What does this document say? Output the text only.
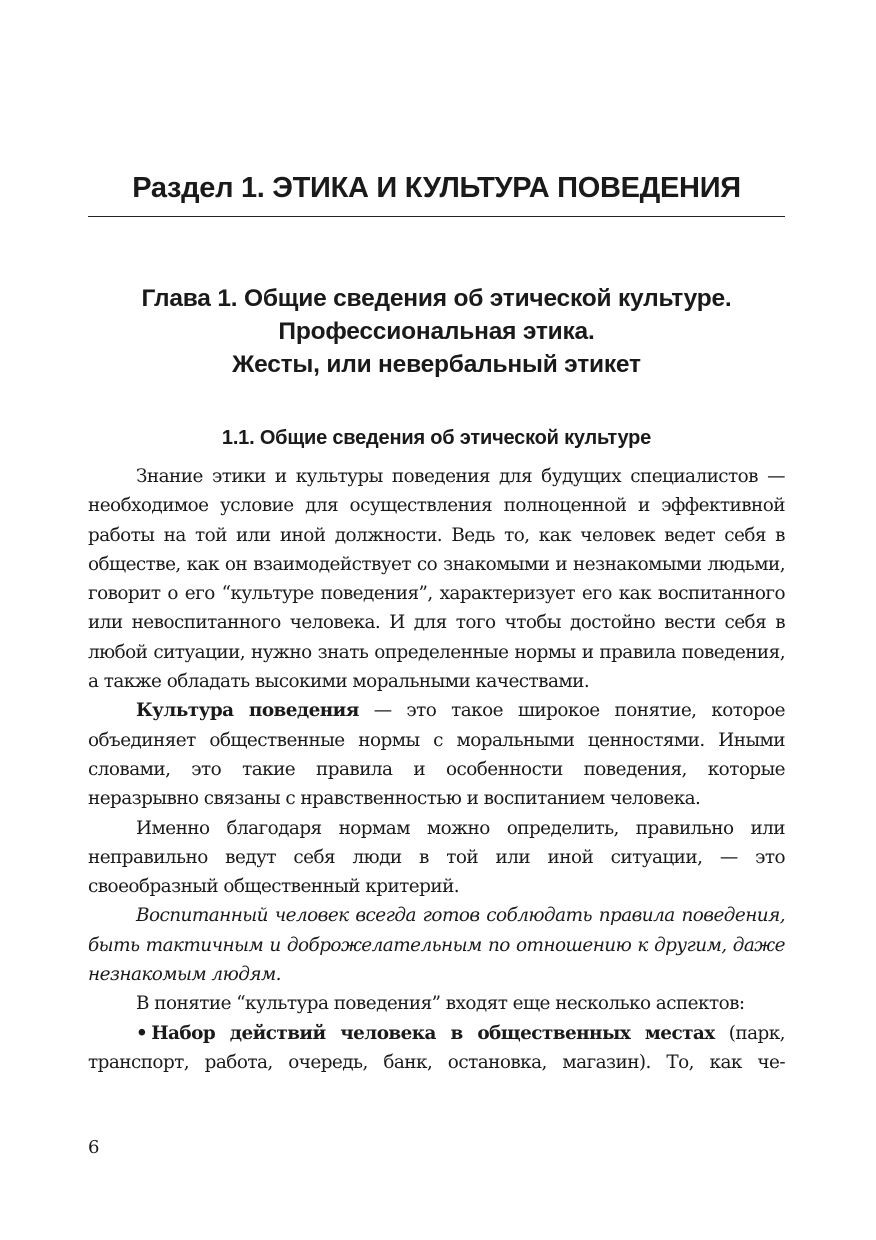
Раздел 1. ЭТИКА И КУЛЬТУРА ПОВЕДЕНИЯ
Глава 1. Общие сведения об этической культуре.
Профессиональная этика.
Жесты, или невербальный этикет
1.1. Общие сведения об этической культуре

Знание этики и культуры поведения для будущих специалистов — необходимое условие для осуществления полноценной и эффективной работы на той или иной должности. Ведь то, как человек ведет себя в обществе, как он взаимодействует со знакомыми и незнакомыми людьми, говорит о его “культуре поведения”, характеризует его как воспитанного или невоспитанного человека. И для того чтобы достойно вести себя в любой ситуации, нужно знать определенные нормы и правила поведения, а также обладать высокими моральными качествами.

Культура поведения — это такое широкое понятие, которое объединяет общественные нормы с моральными ценностями. Иными словами, это такие правила и особенности поведения, которые неразрывно связаны с нравственностью и воспитанием человека.

Именно благодаря нормам можно определить, правильно или неправильно ведут себя люди в той или иной ситуации, — это своеобразный общественный критерий.

Воспитанный человек всегда готов соблюдать правила поведения, быть тактичным и доброжелательным по отношению к другим, даже незнакомым людям.

В понятие “культура поведения” входят еще несколько аспектов:

• Набор действий человека в общественных местах (парк, транспорт, работа, очередь, банк, остановка, магазин). То, как че-

6
